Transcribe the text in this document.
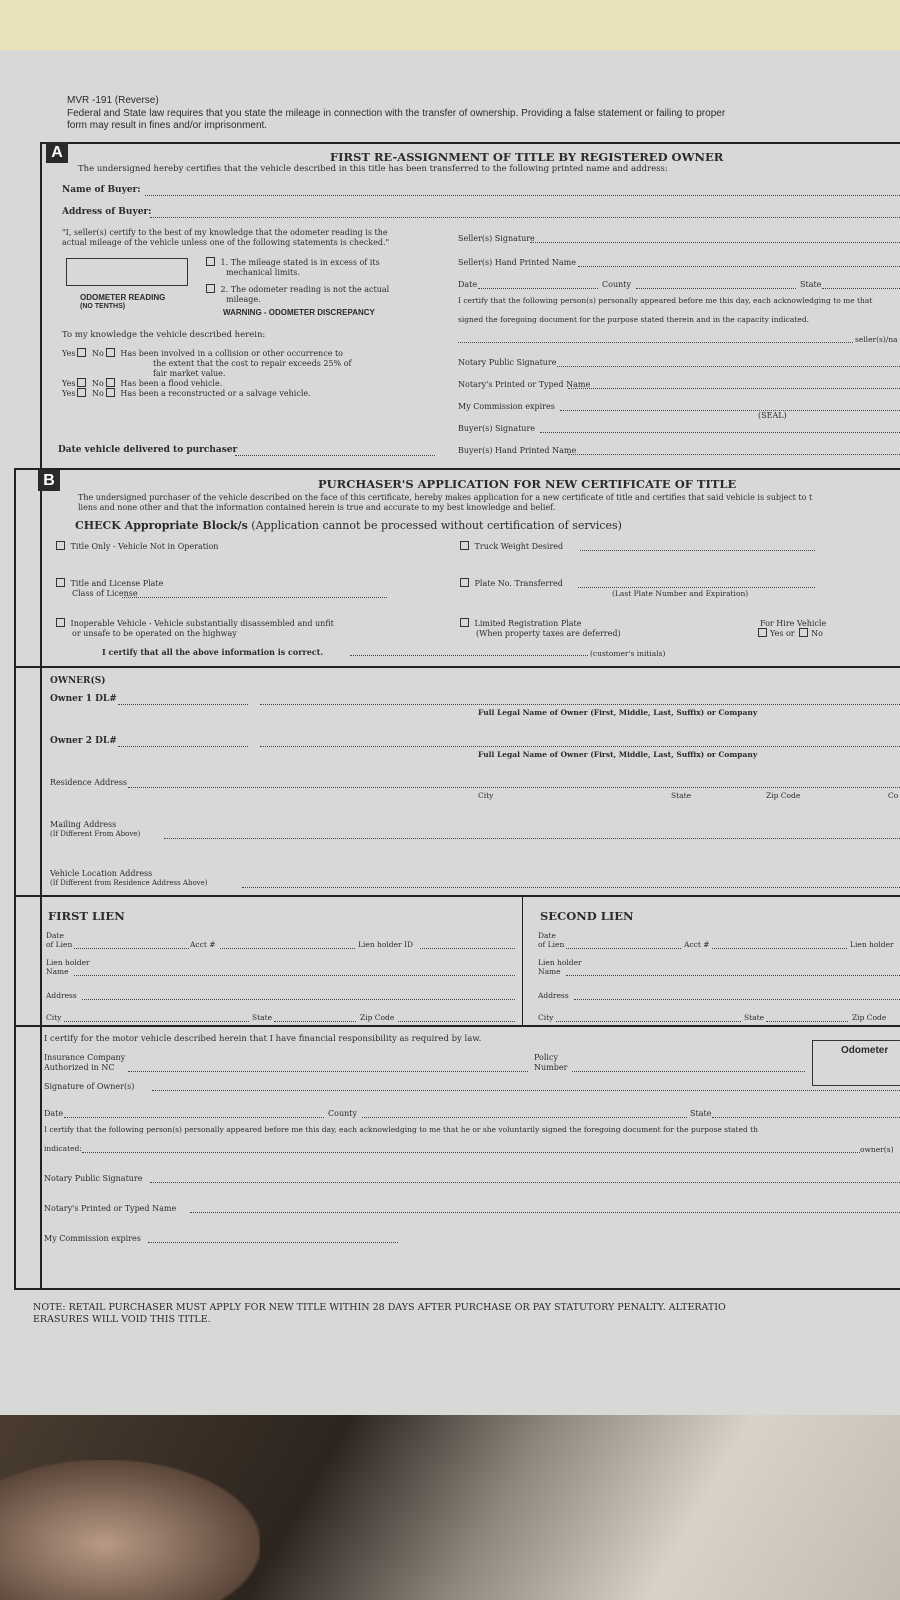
MVR -191 (Reverse)
Federal and State law requires that you state the mileage in connection with the transfer of ownership. Providing a false statement or failing to proper
form may result in fines and/or imprisonment.
A	FIRST RE-ASSIGNMENT OF TITLE BY REGISTERED OWNER
The undersigned hereby certifies that the vehicle described in this title has been transferred to the following printed name and address:
Name of Buyer:
Address of Buyer:
"I, seller(s) certify to the best of my knowledge that the odometer reading is the
actual mileage of the vehicle unless one of the following statements is checked."
ODOMETER READING
(NO TENTHS)
1. The mileage stated is in excess of its
mechanical limits.
2. The odometer reading is not the actual
mileage.
WARNING - ODOMETER DISCREPANCY
To my knowledge the vehicle described herein:
Yes No Has been involved in a collision or other occurrence to
the extent that the cost to repair exceeds 25% of
fair market value.
Yes No Has been a flood vehicle.
Yes No Has been a reconstructed or a salvage vehicle.
Date vehicle delivered to purchaser
Seller(s) Signature
Seller(s) Hand Printed Name
Date	County	State
I certify that the following person(s) personally appeared before me this day, each acknowledging to me that
signed the foregoing document for the purpose stated therein and in the capacity indicated.
seller(s)/na
Notary Public Signature
Notary's Printed or Typed Name
My Commission expires
(SEAL)
Buyer(s) Signature
Buyer(s) Hand Printed Name
B	PURCHASER'S APPLICATION FOR NEW CERTIFICATE OF TITLE
The undersigned purchaser of the vehicle described on the face of this certificate, hereby makes application for a new certificate of title and certifies that said vehicle is subject to t
liens and none other and that the information contained herein is true and accurate to my best knowledge and belief.
CHECK Appropriate Block/s (Application cannot be processed without certification of services)
Title Only - Vehicle Not in Operation	Truck Weight Desired
Title and License Plate
Class of License
Plate No. Transferred
(Last Plate Number and Expiration)
Inoperable Vehicle - Vehicle substantially disassembled and unfit
or unsafe to be operated on the highway
Limited Registration Plate
(When property taxes are deferred)
For Hire Vehicle
Yes or No
I certify that all the above information is correct.	(customer's initials)
OWNER(S)
Owner 1 DL#
Full Legal Name of Owner (First, Middle, Last, Suffix) or Company
Owner 2 DL#
Full Legal Name of Owner (First, Middle, Last, Suffix) or Company
Residence Address
City	State	Zip Code	Co
Mailing Address
(If Different From Above)
Vehicle Location Address
(If Different from Residence Address Above)
FIRST LIEN	SECOND LIEN
Date
of Lien	Acct #	Lien holder ID
Lien holder
Name
Address
City	State	Zip Code
Date
of Lien	Acct #	Lien holder
Lien holder
Name
Address
City	State	Zip Code
I certify for the motor vehicle described herein that I have financial responsibility as required by law.
Insurance Company
Authorized in NC
Policy
Number
Odometer
Signature of Owner(s)
Date	County	State
I certify that the following person(s) personally appeared before me this day, each acknowledging to me that he or she voluntarily signed the foregoing document for the purpose stated th
indicated:	owner(s)
Notary Public Signature
Notary's Printed or Typed Name
My Commission expires
NOTE: RETAIL PURCHASER MUST APPLY FOR NEW TITLE WITHIN 28 DAYS AFTER PURCHASE OR PAY STATUTORY PENALTY. ALTERATIO
ERASURES WILL VOID THIS TITLE.
